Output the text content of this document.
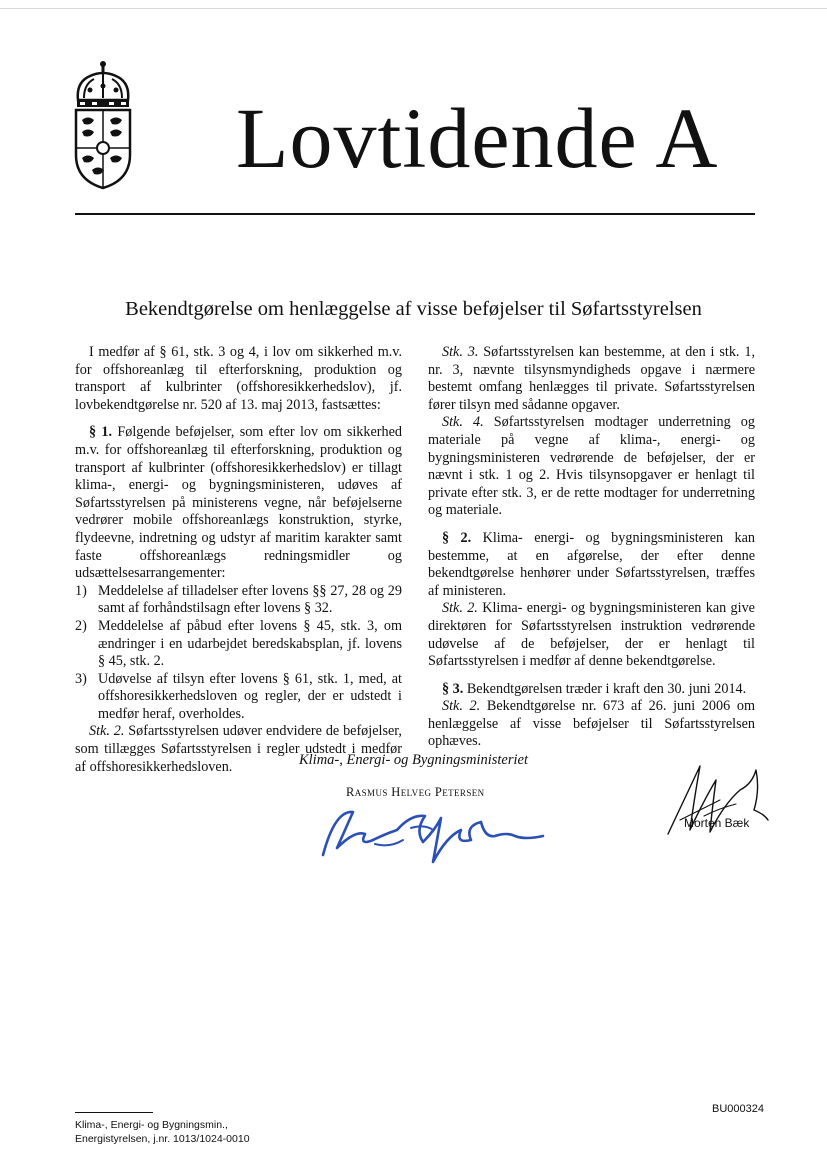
Lovtidende A
Bekendtgørelse om henlæggelse af visse beføjelser til Søfartsstyrelsen

I medfør af § 61, stk. 3 og 4, i lov om sikkerhed m.v. for offshoreanlæg til efterforskning, produktion og transport af kulbrinter (offshoresikkerhedslov), jf. lovbekendtgørelse nr. 520 af 13. maj 2013, fastsættes:

§ 1. Følgende beføjelser, som efter lov om sikkerhed m.v. for offshoreanlæg til efterforskning, produktion og transport af kulbrinter (offshoresikkerhedslov) er tillagt klima-, energi- og bygningsministeren, udøves af Søfartsstyrelsen på ministerens vegne, når beføjelserne vedrører mobile offshoreanlægs konstruktion, styrke, flydeevne, indretning og udstyr af maritim karakter samt faste offshoreanlægs redningsmidler og udsættelsesarrangementer:

1) Meddelelse af tilladelser efter lovens §§ 27, 28 og 29 samt af forhåndstilsagn efter lovens § 32.
2) Meddelelse af påbud efter lovens § 45, stk. 3, om ændringer i en udarbejdet beredskabsplan, jf. lovens § 45, stk. 2.
3) Udøvelse af tilsyn efter lovens § 61, stk. 1, med, at offshoresikkerhedsloven og regler, der er udstedt i medfør heraf, overholdes.

Stk. 2. Søfartsstyrelsen udøver endvidere de beføjelser, som tillægges Søfartsstyrelsen i regler udstedt i medfør af offshoresikkerhedsloven.

Stk. 3. Søfartsstyrelsen kan bestemme, at den i stk. 1, nr. 3, nævnte tilsynsmyndigheds opgave i nærmere bestemt omfang henlægges til private. Søfartsstyrelsen fører tilsyn med sådanne opgaver.

Stk. 4. Søfartsstyrelsen modtager underretning og materiale på vegne af klima-, energi- og bygningsministeren vedrørende de beføjelser, der er nævnt i stk. 1 og 2. Hvis tilsynsopgaver er henlagt til private efter stk. 3, er de rette modtager for underretning og materiale.

§ 2. Klima- energi- og bygningsministeren kan bestemme, at en afgørelse, der efter denne bekendtgørelse henhører under Søfartsstyrelsen, træffes af ministeren.

Stk. 2. Klima- energi- og bygningsministeren kan give direktøren for Søfartsstyrelsen instruktion vedrørende udøvelse af de beføjelser, der er henlagt til Søfartsstyrelsen i medfør af denne bekendtgørelse.

§ 3. Bekendtgørelsen træder i kraft den 30. juni 2014.

Stk. 2. Bekendtgørelse nr. 673 af 26. juni 2006 om henlæggelse af visse beføjelser til Søfartsstyrelsen ophæves.

Klima-, Energi- og Bygningsministeriet
Rasmus Helveg Petersen
Morten Bæk
BU000324
Klima-, Energi- og Bygningsmin.,
Energistyrelsen, j.nr. 1013/1024-0010
